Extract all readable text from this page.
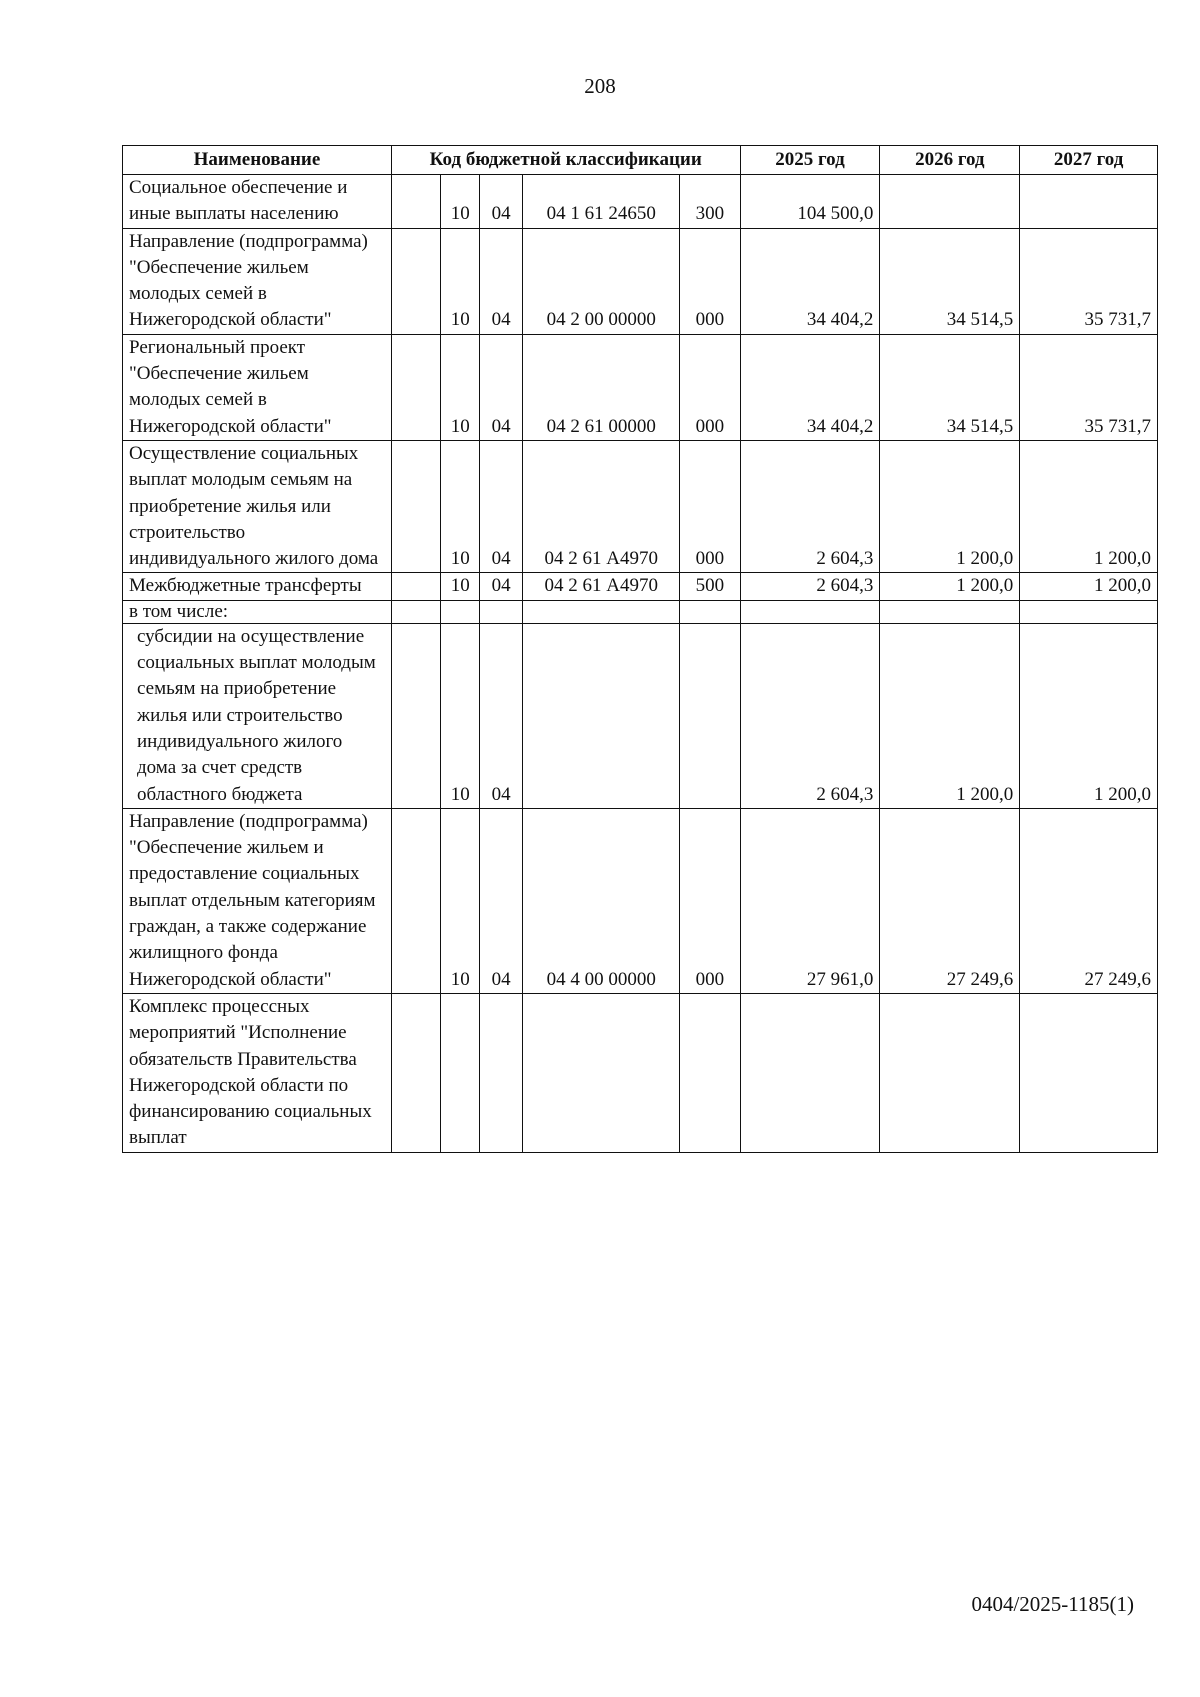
208
Наименование	Код бюджетной классификации					2025 год	2026 год	2027 год
Социальное обеспечение и иные выплаты населению		10	04	04 1 61 24650	300	104 500,0		
Направление (подпрограмма) "Обеспечение жильем молодых семей в Нижегородской области"		10	04	04 2 00 00000	000	34 404,2	34 514,5	35 731,7
Региональный проект "Обеспечение жильем молодых семей в Нижегородской области"		10	04	04 2 61 00000	000	34 404,2	34 514,5	35 731,7
Осуществление социальных выплат молодым семьям на приобретение жилья или строительство индивидуального жилого дома		10	04	04 2 61 А4970	000	2 604,3	1 200,0	1 200,0
Межбюджетные трансферты		10	04	04 2 61 А4970	500	2 604,3	1 200,0	1 200,0
в том числе:								
субсидии на осуществление социальных выплат молодым семьям на приобретение жилья или строительство индивидуального жилого дома за счет средств областного бюджета		10	04			2 604,3	1 200,0	1 200,0
Направление (подпрограмма) "Обеспечение жильем и предоставление социальных выплат отдельным категориям граждан, а также содержание жилищного фонда Нижегородской области"		10	04	04 4 00 00000	000	27 961,0	27 249,6	27 249,6
Комплекс процессных мероприятий "Исполнение обязательств Правительства Нижегородской области по финансированию социальных выплат								
0404/2025-1185(1)
